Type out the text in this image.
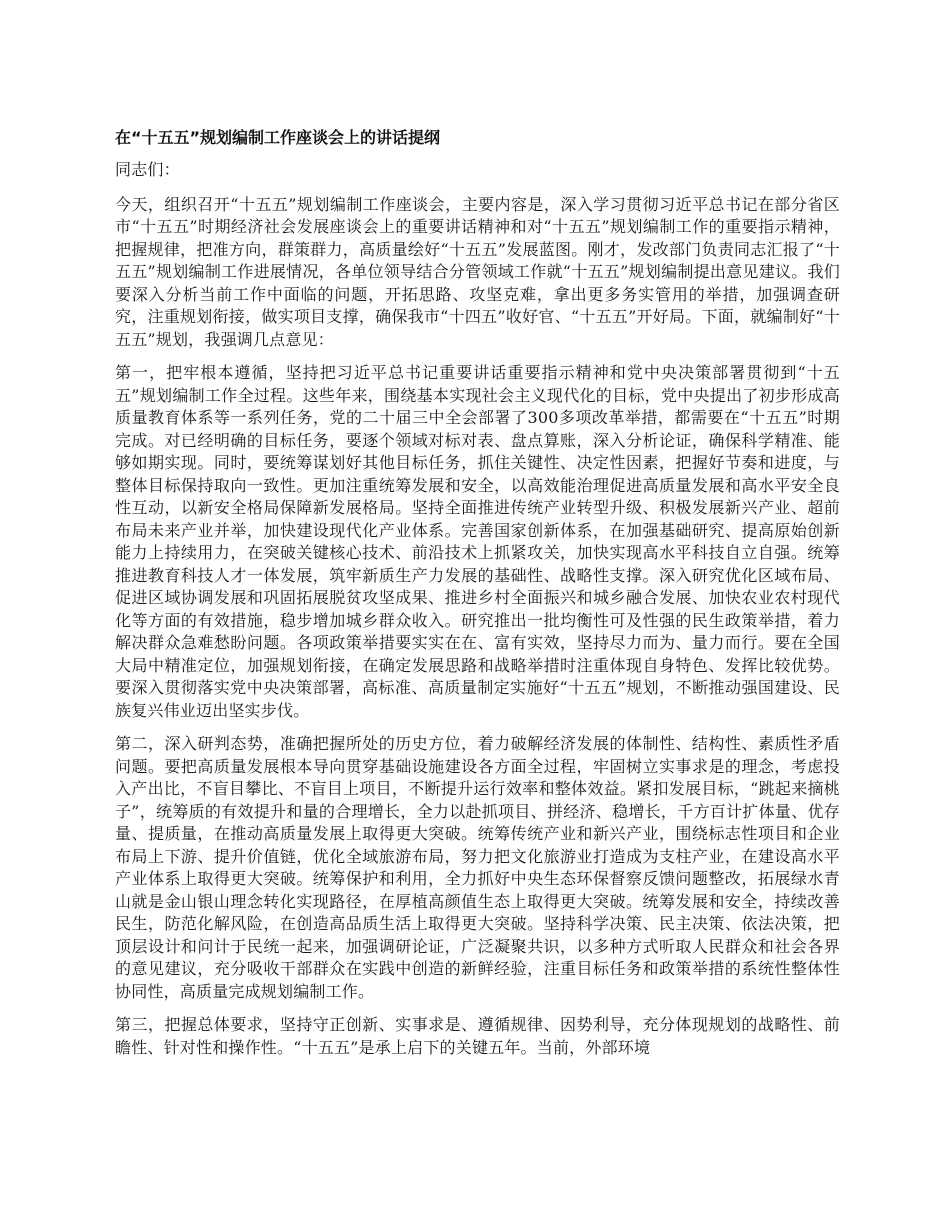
在“十五五”规划编制工作座谈会上的讲话提纲

同志们：

今天，组织召开“十五五”规划编制工作座谈会，主要内容是，深入学习贯彻习近平总书记在部分省区市“十五五”时期经济社会发展座谈会上的重要讲话精神和对“十五五”规划编制工作的重要指示精神，把握规律，把准方向，群策群力，高质量绘好“十五五”发展蓝图。刚才，发改部门负责同志汇报了“十五五”规划编制工作进展情况，各单位领导结合分管领域工作就“十五五”规划编制提出意见建议。我们要深入分析当前工作中面临的问题，开拓思路、攻坚克难，拿出更多务实管用的举措，加强调查研究，注重规划衔接，做实项目支撑，确保我市“十四五”收好官、“十五五”开好局。下面，就编制好“十五五”规划，我强调几点意见：

第一，把牢根本遵循，坚持把习近平总书记重要讲话重要指示精神和党中央决策部署贯彻到“十五五”规划编制工作全过程。这些年来，围绕基本实现社会主义现代化的目标，党中央提出了初步形成高质量教育体系等一系列任务，党的二十届三中全会部署了300多项改革举措，都需要在“十五五”时期完成。对已经明确的目标任务，要逐个领域对标对表、盘点算账，深入分析论证，确保科学精准、能够如期实现。同时，要统筹谋划好其他目标任务，抓住关键性、决定性因素，把握好节奏和进度，与整体目标保持取向一致性。更加注重统筹发展和安全，以高效能治理促进高质量发展和高水平安全良性互动，以新安全格局保障新发展格局。坚持全面推进传统产业转型升级、积极发展新兴产业、超前布局未来产业并举，加快建设现代化产业体系。完善国家创新体系，在加强基础研究、提高原始创新能力上持续用力，在突破关键核心技术、前沿技术上抓紧攻关，加快实现高水平科技自立自强。统筹推进教育科技人才一体发展，筑牢新质生产力发展的基础性、战略性支撑。深入研究优化区域布局、促进区域协调发展和巩固拓展脱贫攻坚成果、推进乡村全面振兴和城乡融合发展、加快农业农村现代化等方面的有效措施，稳步增加城乡群众收入。研究推出一批均衡性可及性强的民生政策举措，着力解决群众急难愁盼问题。各项政策举措要实实在在、富有实效，坚持尽力而为、量力而行。要在全国大局中精准定位，加强规划衔接，在确定发展思路和战略举措时注重体现自身特色、发挥比较优势。要深入贯彻落实党中央决策部署，高标准、高质量制定实施好“十五五”规划，不断推动强国建设、民族复兴伟业迈出坚实步伐。

第二，深入研判态势，准确把握所处的历史方位，着力破解经济发展的体制性、结构性、素质性矛盾问题。要把高质量发展根本导向贯穿基础设施建设各方面全过程，牢固树立实事求是的理念，考虑投入产出比，不盲目攀比、不盲目上项目，不断提升运行效率和整体效益。紧扣发展目标，“跳起来摘桃子”，统筹质的有效提升和量的合理增长，全力以赴抓项目、拼经济、稳增长，千方百计扩体量、优存量、提质量，在推动高质量发展上取得更大突破。统筹传统产业和新兴产业，围绕标志性项目和企业布局上下游、提升价值链，优化全域旅游布局，努力把文化旅游业打造成为支柱产业，在建设高水平产业体系上取得更大突破。统筹保护和利用，全力抓好中央生态环保督察反馈问题整改，拓展绿水青山就是金山银山理念转化实现路径，在厚植高颜值生态上取得更大突破。统筹发展和安全，持续改善民生，防范化解风险，在创造高品质生活上取得更大突破。坚持科学决策、民主决策、依法决策，把顶层设计和问计于民统一起来，加强调研论证，广泛凝聚共识，以多种方式听取人民群众和社会各界的意见建议，充分吸收干部群众在实践中创造的新鲜经验，注重目标任务和政策举措的系统性整体性协同性，高质量完成规划编制工作。

第三，把握总体要求，坚持守正创新、实事求是、遵循规律、因势利导，充分体现规划的战略性、前瞻性、针对性和操作性。“十五五”是承上启下的关键五年。当前，外部环境
